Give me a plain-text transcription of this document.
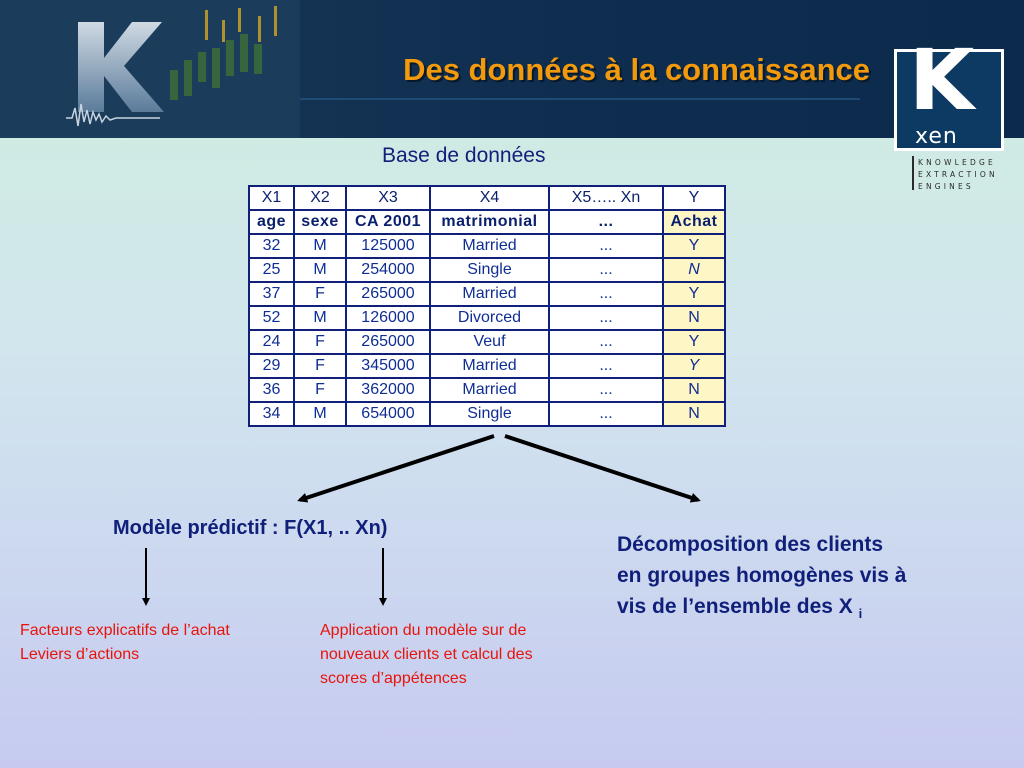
Des données à la connaissance K
xen
KNOWLEDGE
EXTRACTION
ENGINES
Base de données
X1	X2	X3	X4	X5….. Xn	Y
age	sexe	CA 2001	matrimonial	...	Achat
32	M	125000	Married	...	Y
25	M	254000	Single	...	N
37	F	265000	Married	...	Y
52	M	126000	Divorced	...	N
24	F	265000	Veuf	...	Y
29	F	345000	Married	...	Y
36	F	362000	Married	...	N
34	M	654000	Single	...	N
Modèle prédictif : F(X1, .. Xn)
Décomposition des clients
en groupes homogènes vis à
vis de l’ensemble des X $_i$
Facteurs explicatifs de l’achat
Leviers d’actions
Application du modèle sur de
nouveaux clients et calcul des
scores d’appétences
